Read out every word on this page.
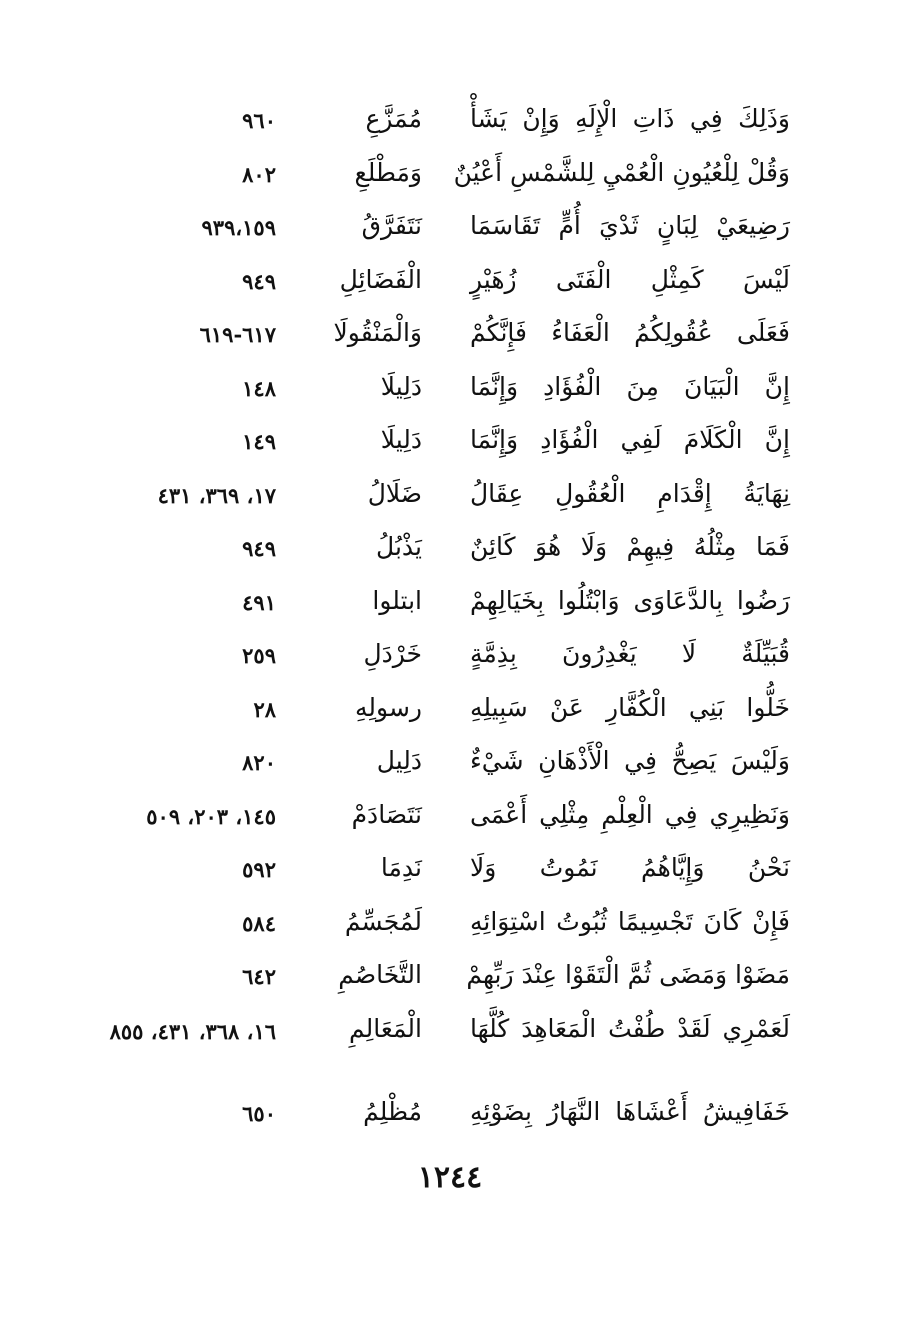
وَذَلِكَ فِي ذَاتِ الْإِلَهِ وَإِنْ يَشَأْ
مُمَزَّعِ
٩٦٠
وَقُلْ لِلْعُيُونِ الْعُمْيِ لِلشَّمْسِ أَعْيُنٌ
وَمَطْلَعِ
٨٠٢
رَضِيعَيْ لِبَانٍ ثَدْيَ أُمٍّ تَقَاسَمَا
نَتَفَرَّقُ
٩٣٩،١٥٩
لَيْسَ كَمِثْلِ الْفَتَى زُهَيْرٍ
الْفَضَائِلِ
٩٤٩
فَعَلَى عُقُولِكُمُ الْعَفَاءُ فَإِنَّكُمْ
وَالْمَنْقُولَا
٦١٧-٦١٩
إِنَّ الْبَيَانَ مِنَ الْفُؤَادِ وَإِنَّمَا
دَلِيلَا
١٤٨
إِنَّ الْكَلَامَ لَفِي الْفُؤَادِ وَإِنَّمَا
دَلِيلَا
١٤٩
نِهَايَةُ إِقْدَامِ الْعُقُولِ عِقَالُ
ضَلَالُ
١٧، ٣٦٩، ٤٣١
فَمَا مِثْلُهُ فِيهِمْ وَلَا هُوَ كَائِنٌ
يَذْبُلُ
٩٤٩
رَضُوا بِالدَّعَاوَى وَابْتُلُوا بِخَيَالِهِمْ
ابتلوا
٤٩١
قُبَيِّلَةٌ لَا يَغْدِرُونَ بِذِمَّةٍ
خَرْدَلِ
٢٥٩
خَلُّوا بَنِي الْكُفَّارِ عَنْ سَبِيلِهِ
رسولِهِ
٢٨
وَلَيْسَ يَصِحُّ فِي الْأَذْهَانِ شَيْءٌ
دَلِيل
٨٢٠
وَنَظِيرِي فِي الْعِلْمِ مِثْلِي أَعْمَى
نَتَصَادَمْ
١٤٥، ٢٠٣، ٥٠٩
نَحْنُ وَإِيَّاهُمُ نَمُوتُ وَلَا
نَدِمَا
٥٩٢
فَإِنْ كَانَ تَجْسِيمًا ثُبُوتُ اسْتِوَائِهِ
لَمُجَسِّمُ
٥٨٤
مَضَوْا وَمَضَى ثُمَّ الْتَقَوْا عِنْدَ رَبِّهِمْ
التَّخَاصُمِ
٦٤٢
لَعَمْرِي لَقَدْ طُفْتُ الْمَعَاهِدَ كُلَّهَا
الْمَعَالِمِ
١٦، ٣٦٨، ٤٣١، ٨٥٥
خَفَافِيشُ أَعْشَاهَا النَّهَارُ بِضَوْئِهِ
مُظْلِمُ
٦٥٠
١٢٤٤
